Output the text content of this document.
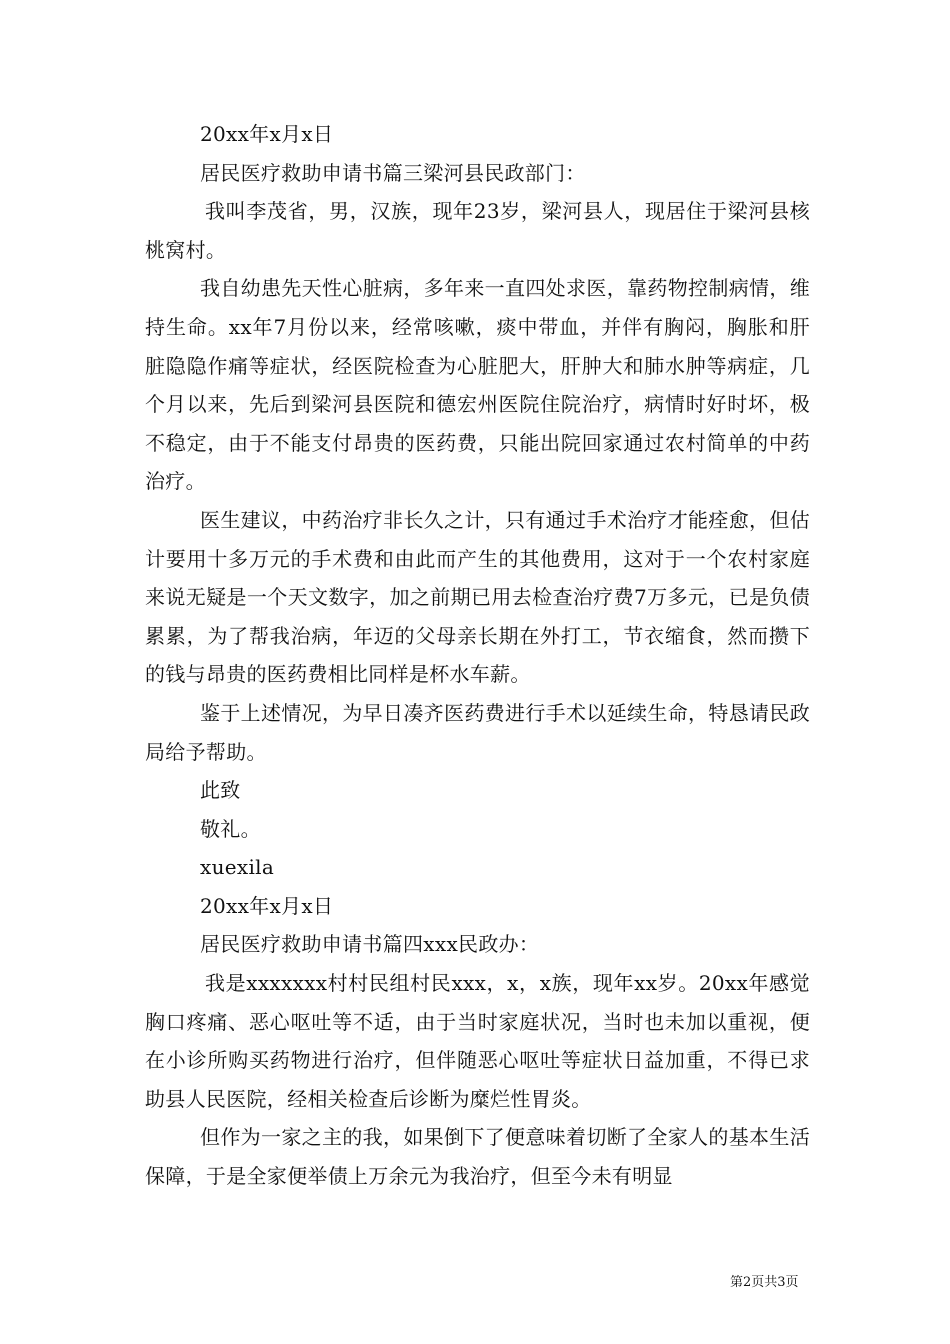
20xx年x月x日

居民医疗救助申请书篇三梁河县民政部门：

我叫李茂省，男，汉族，现年23岁，梁河县人，现居住于梁河县核桃窝村。

我自幼患先天性心脏病，多年来一直四处求医，靠药物控制病情，维持生命。xx年7月份以来，经常咳嗽，痰中带血，并伴有胸闷，胸胀和肝脏隐隐作痛等症状，经医院检查为心脏肥大，肝肿大和肺水肿等病症，几个月以来，先后到梁河县医院和德宏州医院住院治疗，病情时好时坏，极不稳定，由于不能支付昂贵的医药费，只能出院回家通过农村简单的中药治疗。

医生建议，中药治疗非长久之计，只有通过手术治疗才能痊愈，但估计要用十多万元的手术费和由此而产生的其他费用，这对于一个农村家庭来说无疑是一个天文数字，加之前期已用去检查治疗费7万多元，已是负债累累，为了帮我治病，年迈的父母亲长期在外打工，节衣缩食，然而攒下的钱与昂贵的医药费相比同样是杯水车薪。

鉴于上述情况，为早日凑齐医药费进行手术以延续生命，特恳请民政局给予帮助。

此致

敬礼。

xuexila

20xx年x月x日

居民医疗救助申请书篇四xxx民政办：

我是xxxxxxx村村民组村民xxx，x，x族，现年xx岁。20xx年感觉胸口疼痛、恶心呕吐等不适，由于当时家庭状况，当时也未加以重视，便在小诊所购买药物进行治疗，但伴随恶心呕吐等症状日益加重，不得已求助县人民医院，经相关检查后诊断为糜烂性胃炎。

但作为一家之主的我，如果倒下了便意味着切断了全家人的基本生活保障，于是全家便举债上万余元为我治疗，但至今未有明显

第2页共3页
